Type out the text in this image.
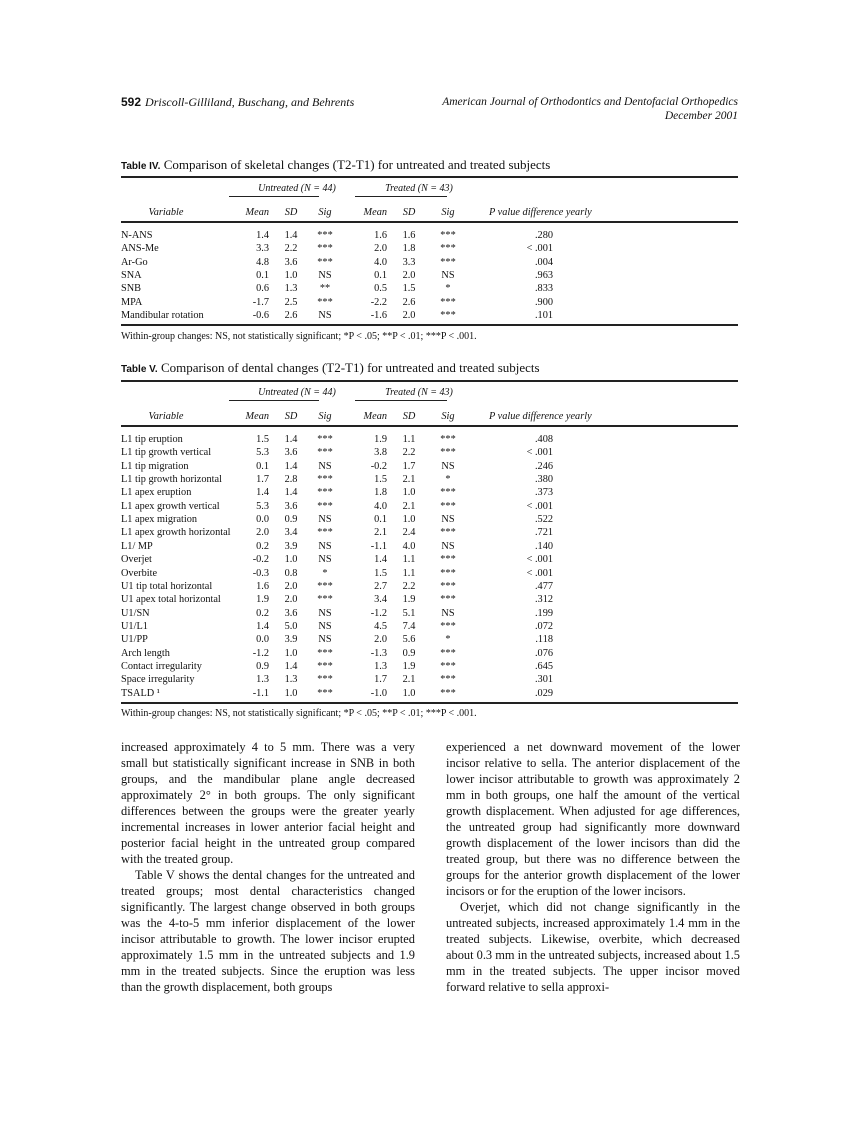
592 Driscoll-Gilliland, Buschang, and Behrents	American Journal of Orthodontics and Dentofacial Orthopedics
December 2001
Table IV. Comparison of skeletal changes (T2-T1) for untreated and treated subjects
Untreated (N = 44)	Treated (N = 43)
Variable	Mean	SD	Sig	Mean	SD	Sig	P value difference yearly
N-ANS	1.4	1.4	***	1.6	1.6	***	.280
ANS-Me	3.3	2.2	***	2.0	1.8	***	< .001
Ar-Go	4.8	3.6	***	4.0	3.3	***	.004
SNA	0.1	1.0	NS	0.1	2.0	NS	.963
SNB	0.6	1.3	**	0.5	1.5	*	.833
MPA	-1.7	2.5	***	-2.2	2.6	***	.900
Mandibular rotation	-0.6	2.6	NS	-1.6	2.0	***	.101
Within-group changes: NS, not statistically significant; *P < .05; **P < .01; ***P < .001.
Table V. Comparison of dental changes (T2-T1) for untreated and treated subjects
Untreated (N = 44)	Treated (N = 43)
Variable	Mean	SD	Sig	Mean	SD	Sig	P value difference yearly
L1 tip eruption	1.5	1.4	***	1.9	1.1	***	.408
L1 tip growth vertical	5.3	3.6	***	3.8	2.2	***	< .001
L1 tip migration	0.1	1.4	NS	-0.2	1.7	NS	.246
L1 tip growth horizontal	1.7	2.8	***	1.5	2.1	*	.380
L1 apex eruption	1.4	1.4	***	1.8	1.0	***	.373
L1 apex growth vertical	5.3	3.6	***	4.0	2.1	***	< .001
L1 apex migration	0.0	0.9	NS	0.1	1.0	NS	.522
L1 apex growth horizontal	2.0	3.4	***	2.1	2.4	***	.721
L1/ MP	0.2	3.9	NS	-1.1	4.0	NS	.140
Overjet	-0.2	1.0	NS	1.4	1.1	***	< .001
Overbite	-0.3	0.8	*	1.5	1.1	***	< .001
U1 tip total horizontal	1.6	2.0	***	2.7	2.2	***	.477
U1 apex total horizontal	1.9	2.0	***	3.4	1.9	***	.312
U1/SN	0.2	3.6	NS	-1.2	5.1	NS	.199
U1/L1	1.4	5.0	NS	4.5	7.4	***	.072
U1/PP	0.0	3.9	NS	2.0	5.6	*	.118
Arch length	-1.2	1.0	***	-1.3	0.9	***	.076
Contact irregularity	0.9	1.4	***	1.3	1.9	***	.645
Space irregularity	1.3	1.3	***	1.7	2.1	***	.301
TSALD ¹	-1.1	1.0	***	-1.0	1.0	***	.029
Within-group changes: NS, not statistically significant; *P < .05; **P < .01; ***P < .001.

increased approximately 4 to 5 mm. There was a very small but statistically significant increase in SNB in both groups, and the mandibular plane angle decreased approximately 2° in both groups. The only significant differences between the groups were the greater yearly incremental increases in lower anterior facial height and posterior facial height in the untreated group compared with the treated group.

Table V shows the dental changes for the untreated and treated groups; most dental characteristics changed significantly. The largest change observed in both groups was the 4-to-5 mm inferior displacement of the lower incisor attributable to growth. The lower incisor erupted approximately 1.5 mm in the untreated subjects and 1.9 mm in the treated subjects. Since the eruption was less than the growth displacement, both groups

experienced a net downward movement of the lower incisor relative to sella. The anterior displacement of the lower incisor attributable to growth was approximately 2 mm in both groups, one half the amount of the vertical growth displacement. When adjusted for age differences, the untreated group had significantly more downward growth displacement of the lower incisors than did the treated group, but there was no difference between the groups for the anterior growth displacement of the lower incisors or for the eruption of the lower incisors.

Overjet, which did not change significantly in the untreated subjects, increased approximately 1.4 mm in the treated subjects. Likewise, overbite, which decreased about 0.3 mm in the untreated subjects, increased about 1.5 mm in the treated subjects. The upper incisor moved forward relative to sella approxi-
